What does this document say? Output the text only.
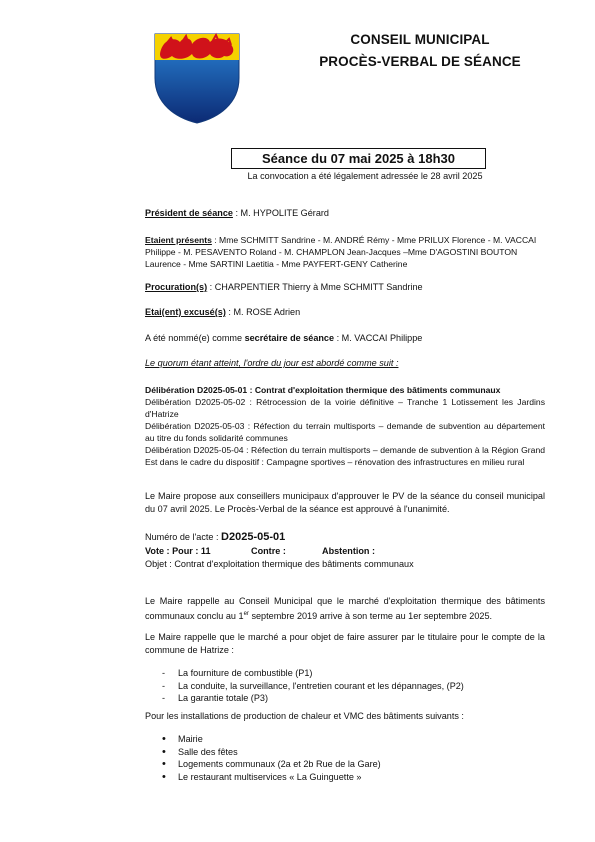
CONSEIL MUNICIPAL
PROCÈS-VERBAL DE SÉANCE
Séance du 07 mai 2025 à 18h30
La convocation a été légalement adressée le 28 avril 2025
Président de séance : M. HYPOLITE Gérard
Etaient présents : Mme SCHMITT Sandrine - M. ANDRÉ Rémy - Mme PRILUX Florence - M. VACCAI Philippe - M. PESAVENTO Roland - M. CHAMPLON Jean-Jacques –Mme D'AGOSTINI BOUTON Laurence - Mme SARTINI Laetitia - Mme PAYFERT-GENY Catherine
Procuration(s) : CHARPENTIER Thierry à Mme SCHMITT Sandrine
Etai(ent) excusé(s) : M. ROSE Adrien
A été nommé(e) comme secrétaire de séance : M. VACCAI Philippe
Le quorum étant atteint, l'ordre du jour est abordé comme suit :
Délibération D2025-05-01 : Contrat d'exploitation thermique des bâtiments communaux
Délibération D2025-05-02 : Rétrocession de la voirie définitive – Tranche 1 Lotissement les Jardins d'Hatrize
Délibération D2025-05-03 : Réfection du terrain multisports – demande de subvention au département au titre du fonds solidarité communes
Délibération D2025-05-04 : Réfection du terrain multisports – demande de subvention à la Région Grand Est dans le cadre du dispositif : Campagne sportives – rénovation des infrastructures en milieu rural
Le Maire propose aux conseillers municipaux d'approuver le PV de la séance du conseil municipal du 07 avril 2025. Le Procès-Verbal de la séance est approuvé à l'unanimité.
Numéro de l'acte : D2025-05-01
Vote : Pour : 11	Contre :	Abstention :
Objet : Contrat d'exploitation thermique des bâtiments communaux
Le Maire rappelle au Conseil Municipal que le marché d'exploitation thermique des bâtiments communaux conclu au 1er septembre 2019 arrive à son terme au 1er septembre 2025.
Le Maire rappelle que le marché a pour objet de faire assurer par le titulaire pour le compte de la commune de Hatrize :
- La fourniture de combustible (P1)
- La conduite, la surveillance, l'entretien courant et les dépannages, (P2)
- La garantie totale (P3)
Pour les installations de production de chaleur et VMC des bâtiments suivants :
• Mairie
• Salle des fêtes
• Logements communaux (2a et 2b Rue de la Gare)
• Le restaurant multiservices « La Guinguette »
